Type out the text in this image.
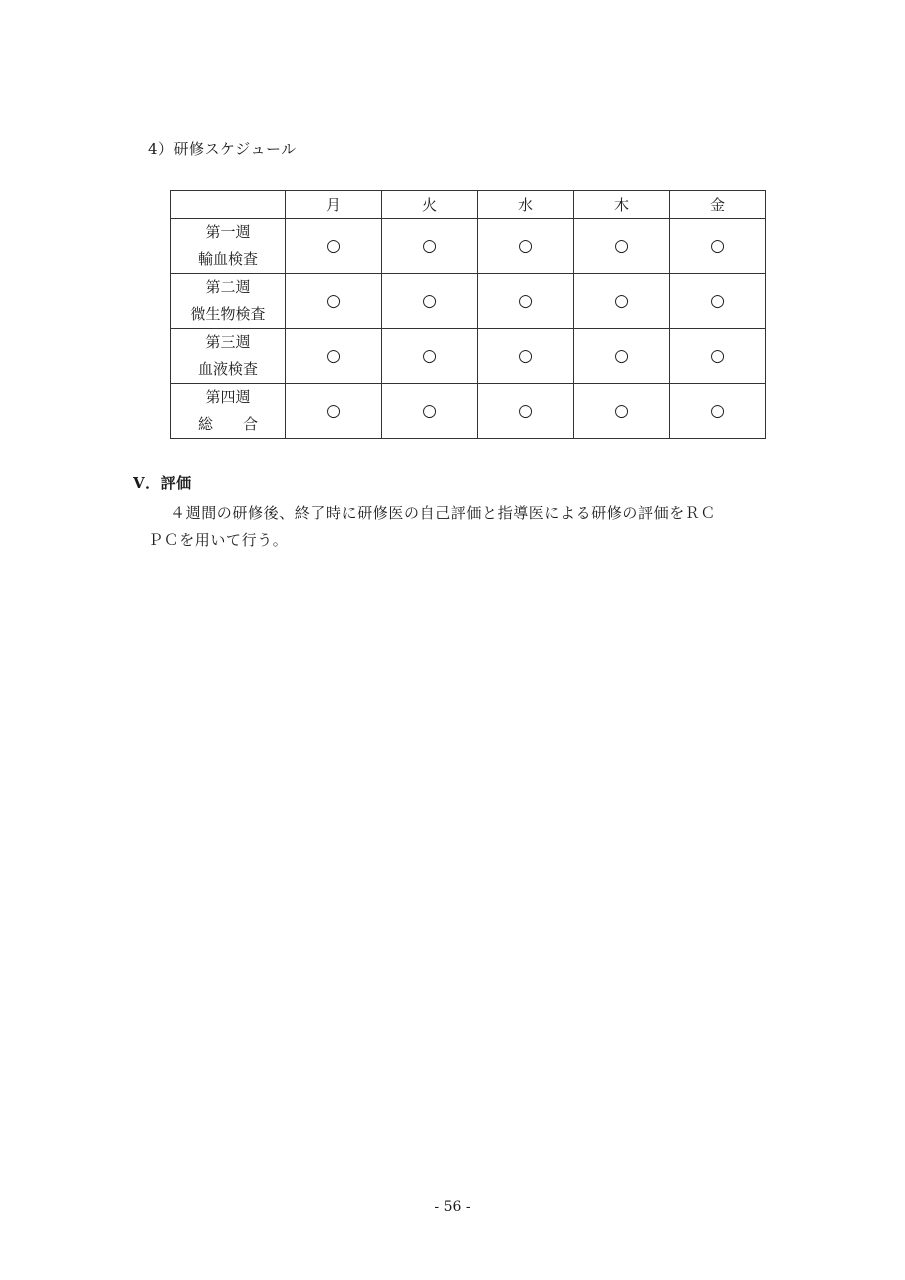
4）研修スケジュール
	月	火	水	木	金

第一週
輸血検査	○	○	○	○	○

第二週
微生物検査	○	○	○	○	○

第三週
血液検査	○	○	○	○	○

第四週
総　　合	○	○	○	○	○
V．評価

４週間の研修後、終了時に研修医の自己評価と指導医による研修の評価をＲＣ

ＰＣを用いて行う。

- 56 -
